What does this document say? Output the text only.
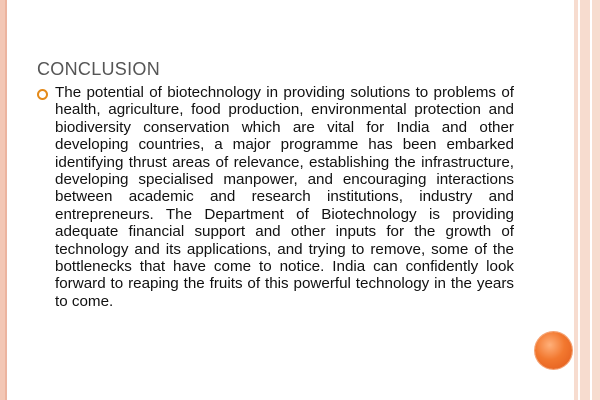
CONCLUSION
The potential of biotechnology in providing solutions to problems of health, agriculture, food production, environmental protection and biodiversity conservation which are vital for India and other developing countries, a major programme has been embarked identifying thrust areas of relevance, establishing the infrastructure, developing specialised manpower, and encouraging interactions between academic and research institutions, industry and entrepreneurs. The Department of Biotechnology is providing adequate financial support and other inputs for the growth of technology and its applications, and trying to remove, some of the bottlenecks that have come to notice. India can confidently look forward to reaping the fruits of this powerful technology in the years to come.
